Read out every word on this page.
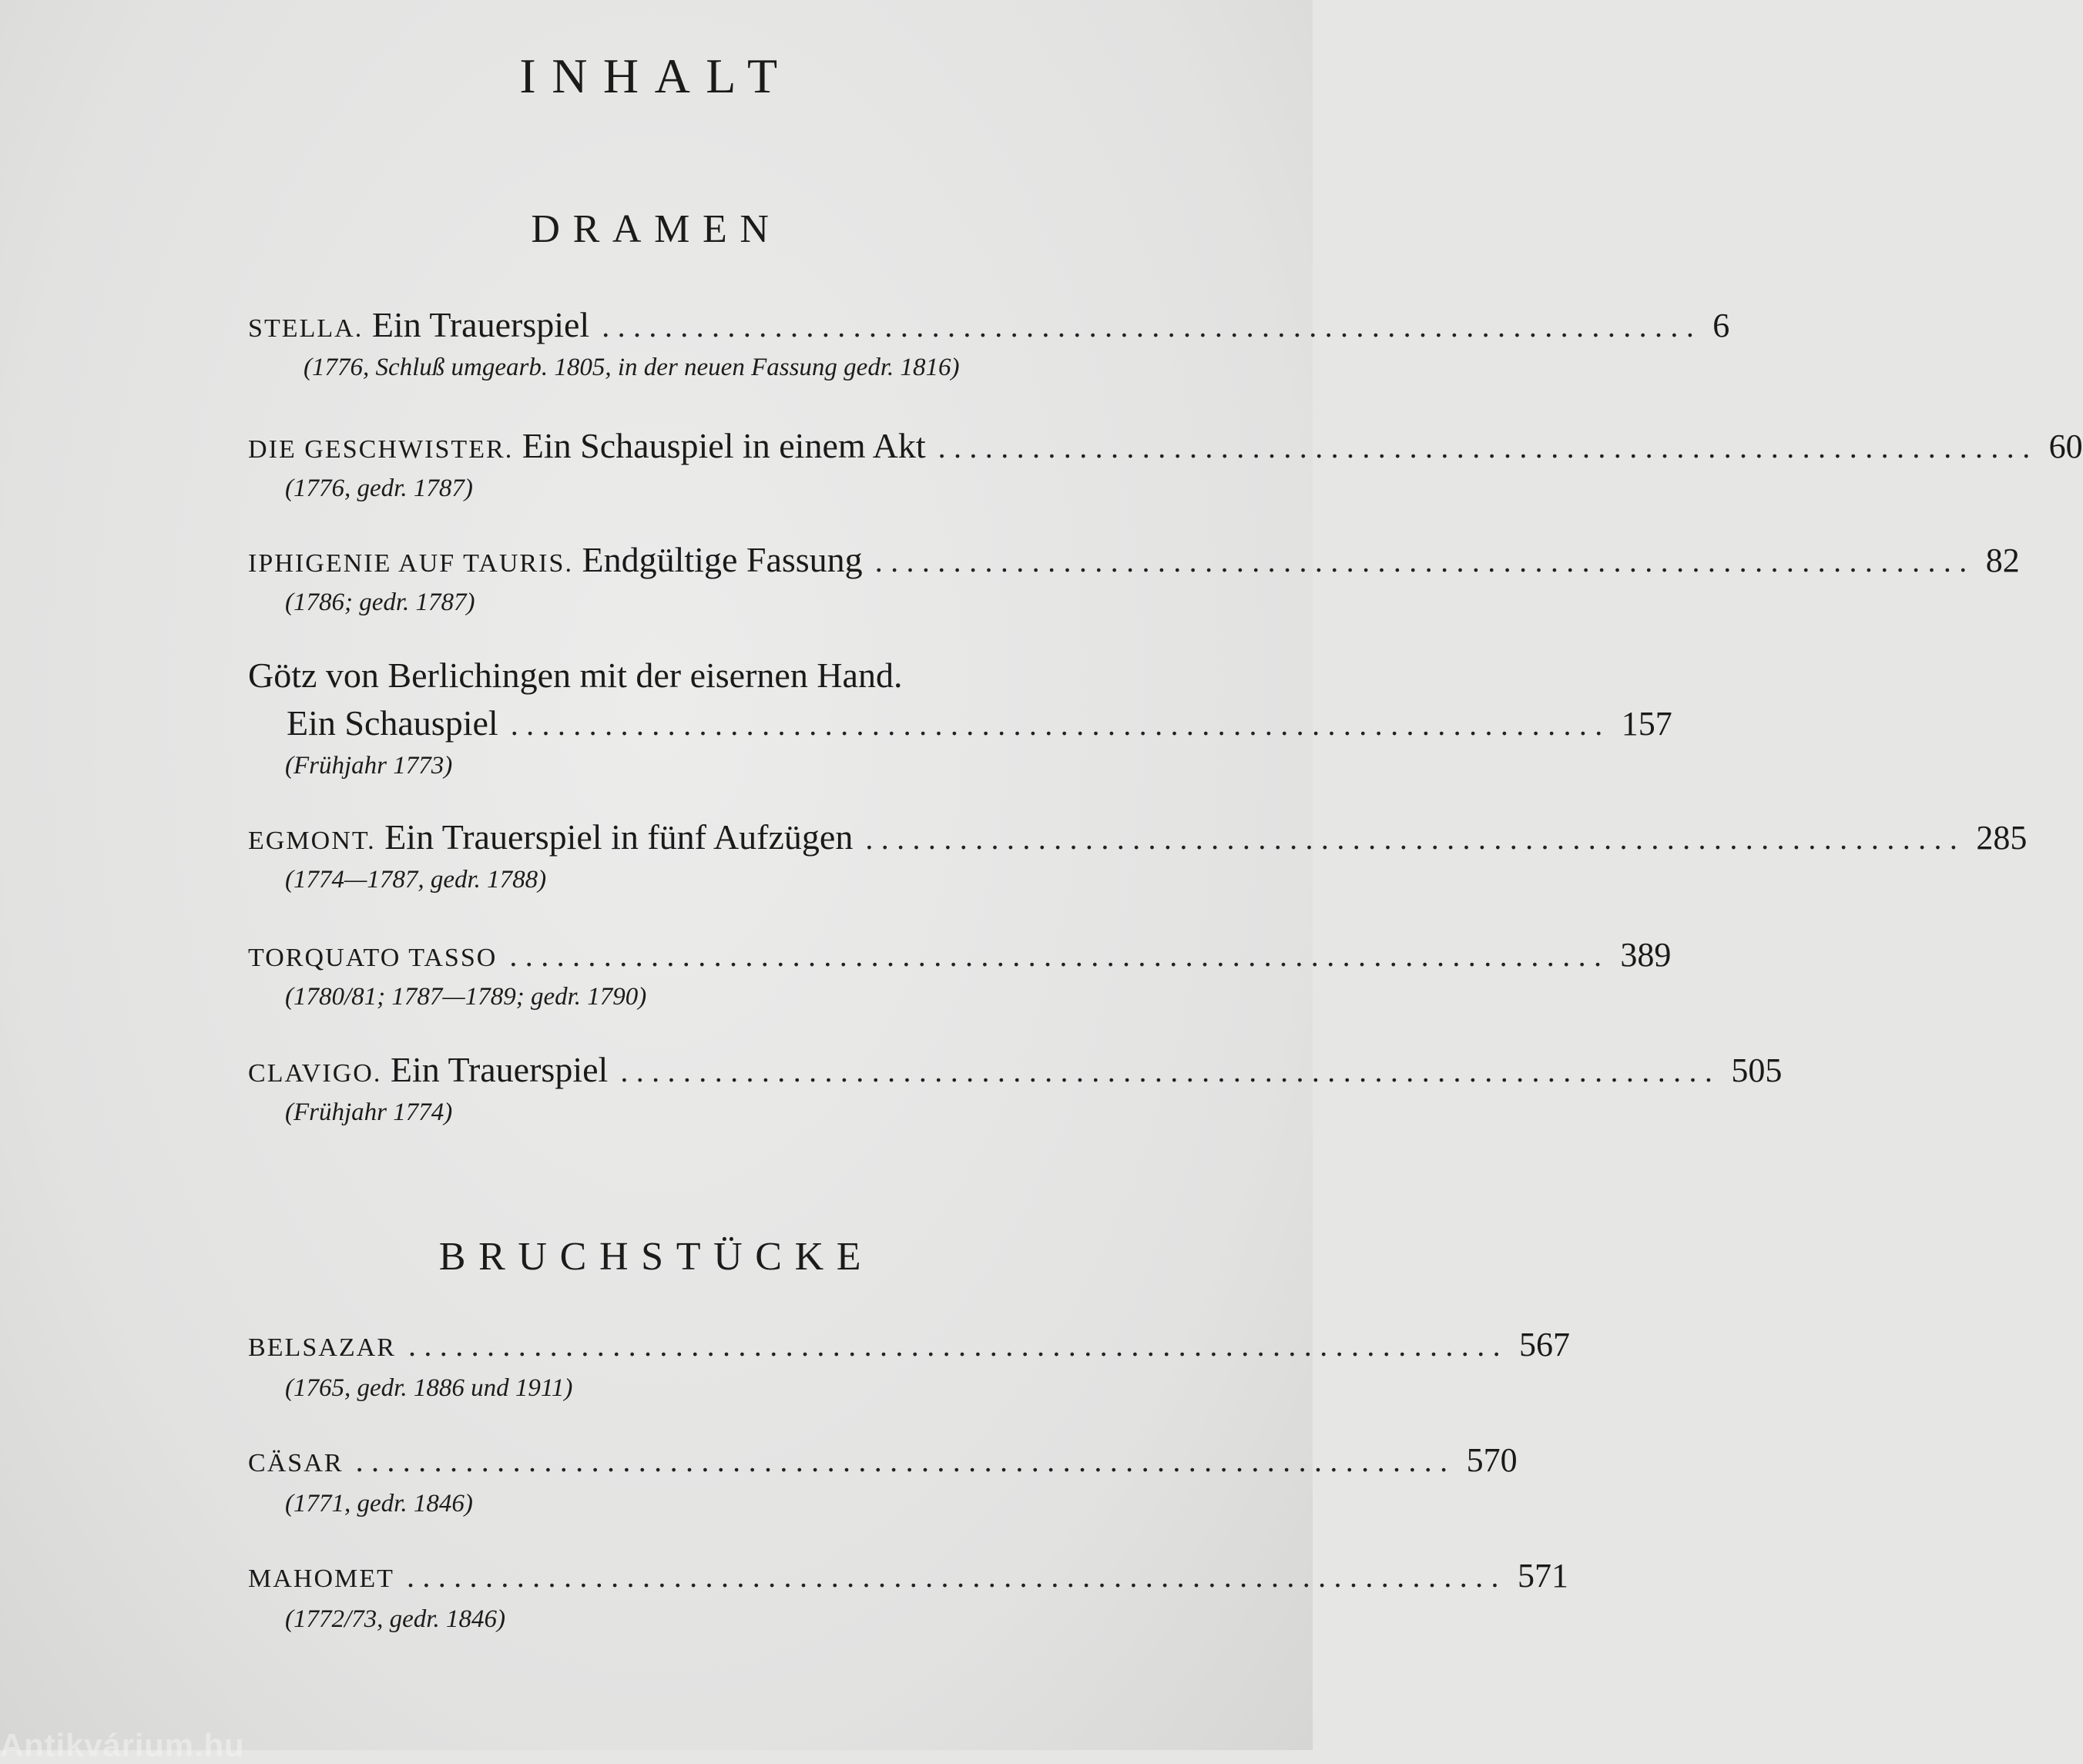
INHALT
DRAMEN
STELLA. Ein Trauerspiel ...................................................................... 6
(1776, Schluß umgearb. 1805, in der neuen Fassung gedr. 1816)
DIE GESCHWISTER. Ein Schauspiel in einem Akt ...................................................................... 60
(1776, gedr. 1787)
IPHIGENIE AUF TAURIS. Endgültige Fassung ...................................................................... 82
(1786; gedr. 1787)
Götz von Berlichingen mit der eisernen Hand.
Ein Schauspiel ...................................................................... 157
(Frühjahr 1773)
EGMONT. Ein Trauerspiel in fünf Aufzügen ...................................................................... 285
(1774—1787, gedr. 1788)
TORQUATO TASSO ...................................................................... 389
(1780/81; 1787—1789; gedr. 1790)
CLAVIGO. Ein Trauerspiel ...................................................................... 505
(Frühjahr 1774)
BRUCHSTÜCKE
BELSAZAR ...................................................................... 567
(1765, gedr. 1886 und 1911)
CÄSAR ...................................................................... 570
(1771, gedr. 1846)
MAHOMET ...................................................................... 571
(1772/73, gedr. 1846)
Antikvárium.hu
